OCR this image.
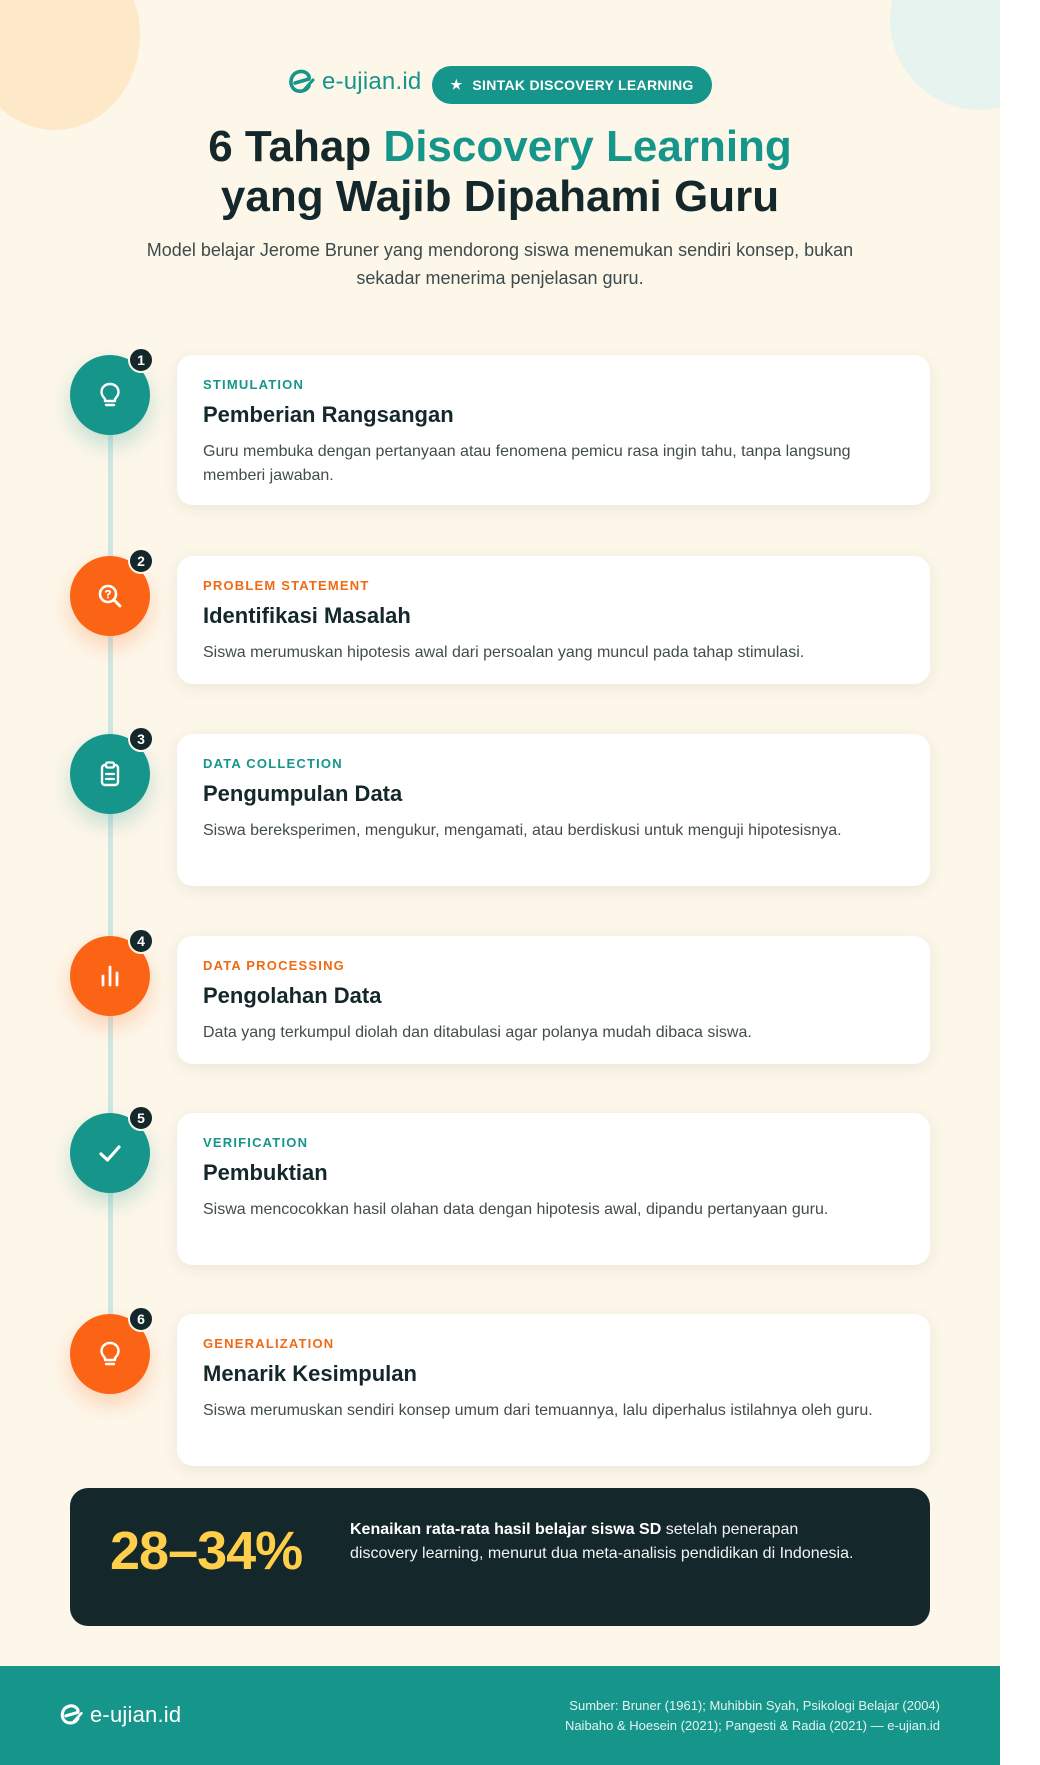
e-ujian.id ★ SINTAK DISCOVERY LEARNING
6 Tahap Discovery Learning
yang Wajib Dipahami Guru
Model belajar Jerome Bruner yang mendorong siswa menemukan sendiri konsep, bukan sekadar menerima penjelasan guru.
1
STIMULATION
Pemberian Rangsangan
Guru membuka dengan pertanyaan atau fenomena pemicu rasa ingin tahu, tanpa langsung memberi jawaban.
2
PROBLEM STATEMENT
Identifikasi Masalah
Siswa merumuskan hipotesis awal dari persoalan yang muncul pada tahap stimulasi.
3
DATA COLLECTION
Pengumpulan Data
Siswa bereksperimen, mengukur, mengamati, atau berdiskusi untuk menguji hipotesisnya.
4
DATA PROCESSING
Pengolahan Data
Data yang terkumpul diolah dan ditabulasi agar polanya mudah dibaca siswa.
5
VERIFICATION
Pembuktian
Siswa mencocokkan hasil olahan data dengan hipotesis awal, dipandu pertanyaan guru.
6
GENERALIZATION
Menarik Kesimpulan
Siswa merumuskan sendiri konsep umum dari temuannya, lalu diperhalus istilahnya oleh guru.
28–34%	Kenaikan rata-rata hasil belajar siswa SD setelah penerapan discovery learning, menurut dua meta-analisis pendidikan di Indonesia.
e-ujian.id	Sumber: Bruner (1961); Muhibbin Syah, Psikologi Belajar (2004)
Naibaho & Hoesein (2021); Pangesti & Radia (2021) — e-ujian.id
